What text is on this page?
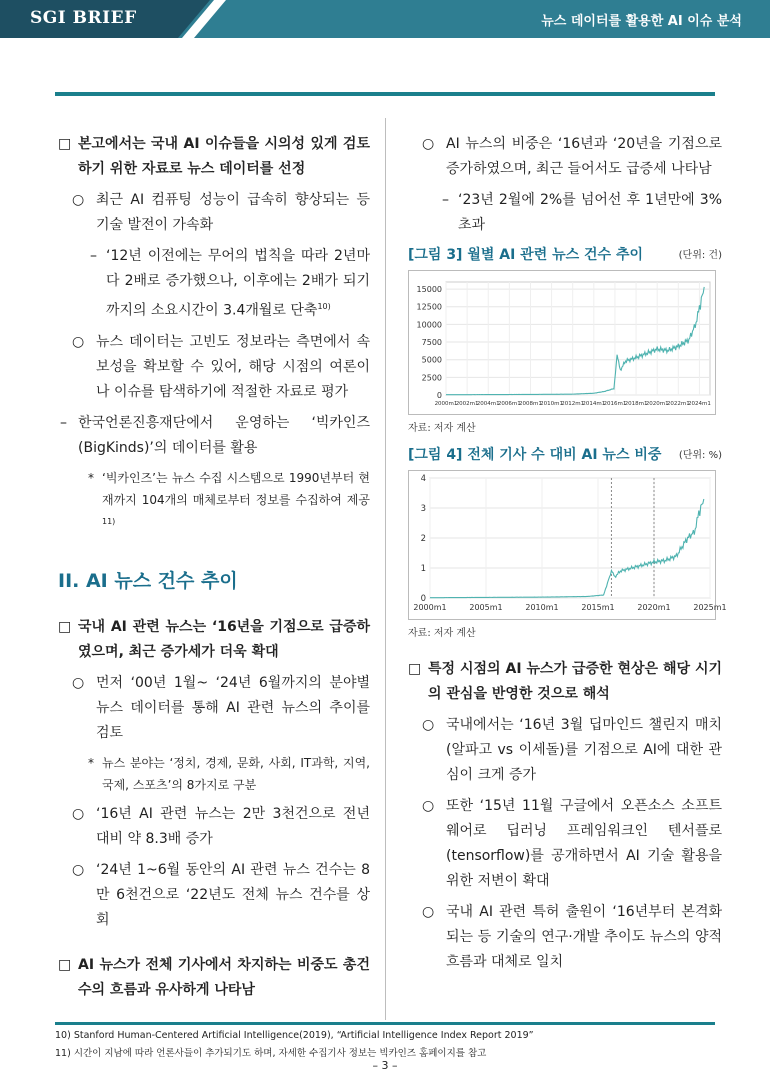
SGI BRIEF	뉴스 데이터를 활용한 AI 이슈 분석
□ 본고에서는 국내 AI 이슈들을 시의성 있게 검토하기 위한 자료로 뉴스 데이터를 선정
○ 최근 AI 컴퓨팅 성능이 급속히 향상되는 등 기술 발전이 가속화
– ‘12년 이전에는 무어의 법칙을 따라 2년마다 2배로 증가했으나, 이후에는 2배가 되기까지의 소요시간이 3.4개월로 단축$^{10)}$
○ 뉴스 데이터는 고빈도 정보라는 측면에서 속보성을 확보할 수 있어, 해당 시점의 여론이나 이슈를 탐색하기에 적절한 자료로 평가
– 한국언론진흥재단에서 운영하는 ‘빅카인즈(BigKinds)’의 데이터를 활용
* ‘빅카인즈’는 뉴스 수집 시스템으로 1990년부터 현재까지 104개의 매체로부터 정보를 수집하여 제공$^{11)}$
II. AI 뉴스 건수 추이
□ 국내 AI 관련 뉴스는 ‘16년을 기점으로 급증하였으며, 최근 증가세가 더욱 확대
○ 먼저 ‘00년 1월~ ‘24년 6월까지의 분야별 뉴스 데이터를 통해 AI 관련 뉴스의 추이를 검토
* 뉴스 분야는 ‘정치, 경제, 문화, 사회, IT과학, 지역, 국제, 스포츠’의 8가지로 구분
○ ‘16년 AI 관련 뉴스는 2만 3천건으로 전년 대비 약 8.3배 증가
○ ‘24년 1~6월 동안의 AI 관련 뉴스 건수는 8만 6천건으로 ‘22년도 전체 뉴스 건수를 상회
□ AI 뉴스가 전체 기사에서 차지하는 비중도 총건수의 흐름과 유사하게 나타남
○ AI 뉴스의 비중은 ‘16년과 ‘20년을 기점으로 증가하였으며, 최근 들어서도 급증세 나타남
– ‘23년 2월에 2%를 넘어선 후 1년만에 3% 초과
[그림 3] 월별 AI 관련 뉴스 건수 추이	(단위: 건)
0
2500
5000
7500
10000
12500
15000
2000m1
2002m1
2004m1
2006m1
2008m1
2010m1
2012m1
2014m1
2016m1
2018m1
2020m1
2022m1
2024m1
자료: 저자 계산
[그림 4] 전체 기사 수 대비 AI 뉴스 비중 (단위: %)
0
1
2
3
4
2000m1	2005m1	2010m1	2015m1	2020m1	2025m1
자료: 저자 계산
□ 특정 시점의 AI 뉴스가 급증한 현상은 해당 시기의 관심을 반영한 것으로 해석
○ 국내에서는 ‘16년 3월 딥마인드 챌린지 매치(알파고 vs 이세돌)를 기점으로 AI에 대한 관심이 크게 증가
○ 또한 ‘15년 11월 구글에서 오픈소스 소프트웨어로 딥러닝 프레임워크인 텐서플로(tensorflow)를 공개하면서 AI 기술 활용을 위한 저변이 확대
○ 국내 AI 관련 특허 출원이 ‘16년부터 본격화되는 등 기술의 연구·개발 추이도 뉴스의 양적 흐름과 대체로 일치
10) Stanford Human-Centered Artificial Intelligence(2019), “Artificial Intelligence Index Report 2019”
11) 시간이 지남에 따라 언론사들이 추가되기도 하며, 자세한 수집기사 정보는 빅카인즈 홈페이지를 참고
– 3 –
